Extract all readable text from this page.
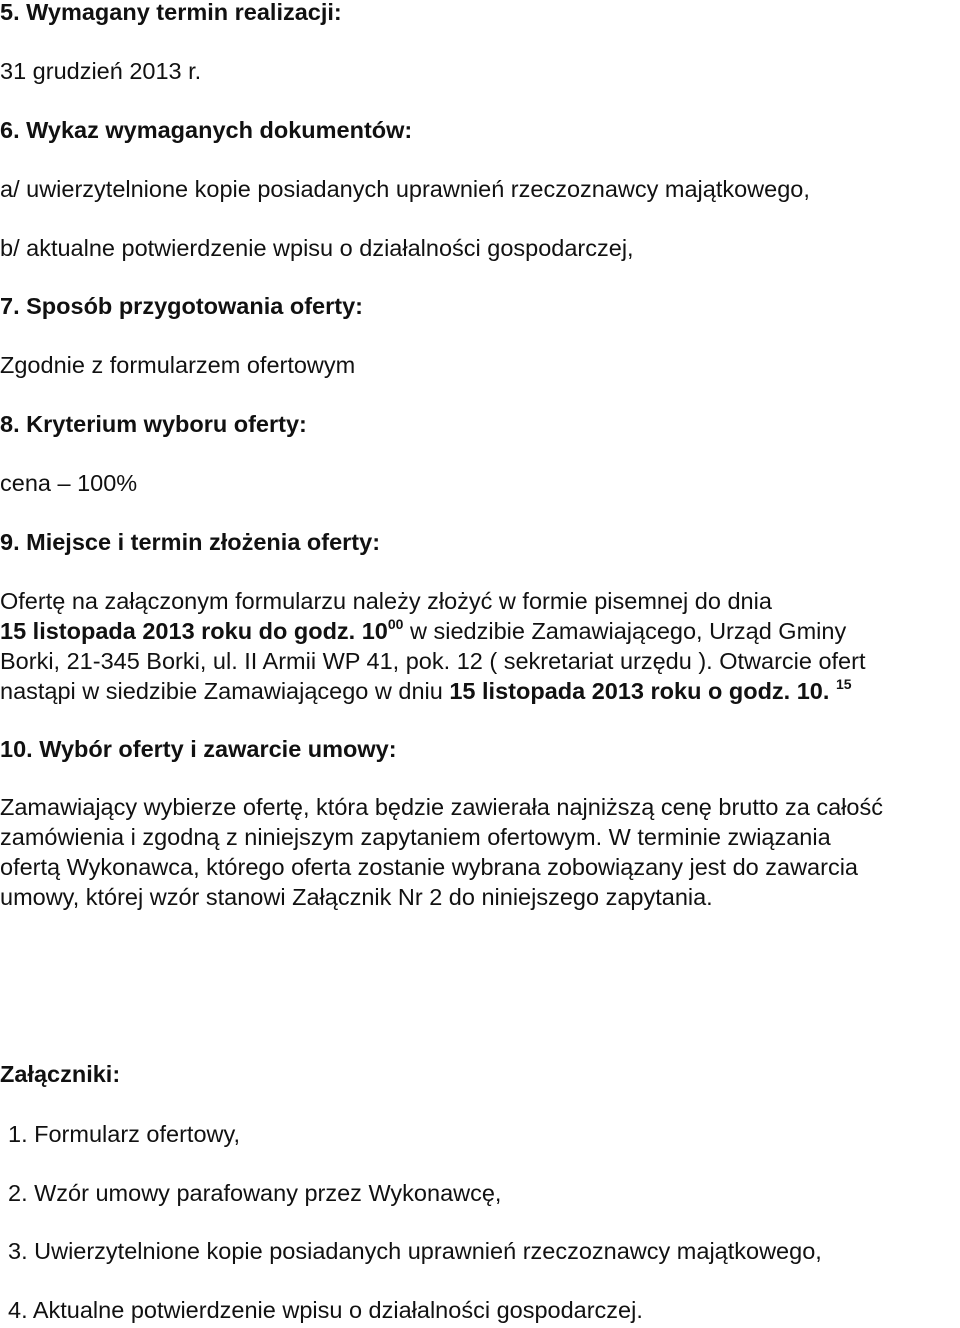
5. Wymagany termin realizacji:
31 grudzień 2013 r.
6. Wykaz wymaganych dokumentów:
a/ uwierzytelnione kopie posiadanych uprawnień rzeczoznawcy majątkowego,
b/ aktualne potwierdzenie wpisu o działalności gospodarczej,
7. Sposób przygotowania oferty:
Zgodnie z formularzem ofertowym
8. Kryterium wyboru oferty:
cena – 100%
9. Miejsce i termin złożenia oferty:
Ofertę na załączonym formularzu należy złożyć w formie pisemnej do dnia
15 listopada 2013 roku do godz. $10^{00}$ w siedzibie Zamawiającego, Urząd Gminy
Borki, 21-345 Borki, ul. II Armii WP 41, pok. 12 ( sekretariat urzędu ). Otwarcie ofert
nastąpi w siedzibie Zamawiającego w dniu 15 listopada 2013 roku o godz. 10. $^{15}$
10. Wybór oferty i zawarcie umowy:
Zamawiający wybierze ofertę, która będzie zawierała najniższą cenę brutto za całość
zamówienia i zgodną z niniejszym zapytaniem ofertowym. W terminie związania
ofertą Wykonawca, którego oferta zostanie wybrana zobowiązany jest do zawarcia
umowy, której wzór stanowi Załącznik Nr 2 do niniejszego zapytania.
Załączniki:
1. Formularz ofertowy,
2. Wzór umowy parafowany przez Wykonawcę,
3. Uwierzytelnione kopie posiadanych uprawnień rzeczoznawcy majątkowego,
4. Aktualne potwierdzenie wpisu o działalności gospodarczej.
